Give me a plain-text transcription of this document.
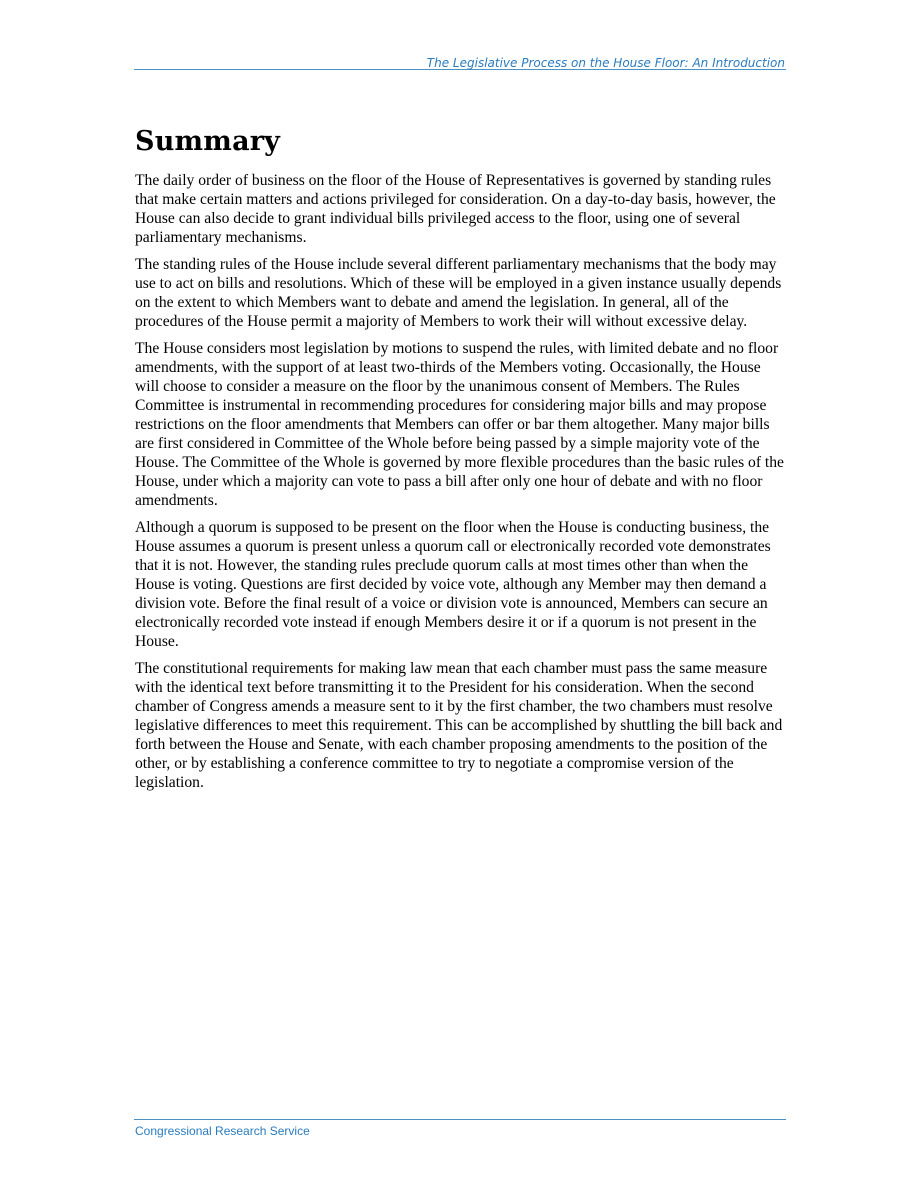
The Legislative Process on the House Floor: An Introduction
Summary

The daily order of business on the floor of the House of Representatives is governed by standing rules that make certain matters and actions privileged for consideration. On a day-to-day basis, however, the House can also decide to grant individual bills privileged access to the floor, using one of several parliamentary mechanisms.

The standing rules of the House include several different parliamentary mechanisms that the body may use to act on bills and resolutions. Which of these will be employed in a given instance usually depends on the extent to which Members want to debate and amend the legislation. In general, all of the procedures of the House permit a majority of Members to work their will without excessive delay.

The House considers most legislation by motions to suspend the rules, with limited debate and no floor amendments, with the support of at least two-thirds of the Members voting. Occasionally, the House will choose to consider a measure on the floor by the unanimous consent of Members. The Rules Committee is instrumental in recommending procedures for considering major bills and may propose restrictions on the floor amendments that Members can offer or bar them altogether. Many major bills are first considered in Committee of the Whole before being passed by a simple majority vote of the House. The Committee of the Whole is governed by more flexible procedures than the basic rules of the House, under which a majority can vote to pass a bill after only one hour of debate and with no floor amendments.

Although a quorum is supposed to be present on the floor when the House is conducting business, the House assumes a quorum is present unless a quorum call or electronically recorded vote demonstrates that it is not. However, the standing rules preclude quorum calls at most times other than when the House is voting. Questions are first decided by voice vote, although any Member may then demand a division vote. Before the final result of a voice or division vote is announced, Members can secure an electronically recorded vote instead if enough Members desire it or if a quorum is not present in the House.

The constitutional requirements for making law mean that each chamber must pass the same measure with the identical text before transmitting it to the President for his consideration. When the second chamber of Congress amends a measure sent to it by the first chamber, the two chambers must resolve legislative differences to meet this requirement. This can be accomplished by shuttling the bill back and forth between the House and Senate, with each chamber proposing amendments to the position of the other, or by establishing a conference committee to try to negotiate a compromise version of the legislation.

Congressional Research Service
